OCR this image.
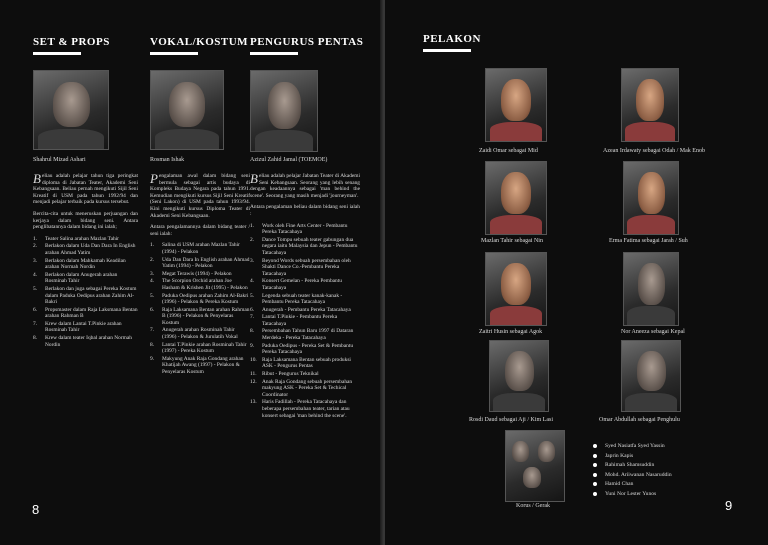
SET & PROPS	VOKAL/KOSTUM PENGURUS PENTAS
Shahrul Mizad Ashari	Rosman Ishak	Azizul Zahid Jamal (TOEMOE)

Beliau adalah pelajar tahun tiga peringkat diploma di Jabatan Teater, Akademi Seni Kebangsaan. Beliau pernah mengikuti Sijil Seni Kreatif di USM pada tahun 1992/94 dan menjadi pelajar terbaik pada kursus tersebut.

Bercita-cita untuk meneruskan perjuangan dan kerjaya dalam bidang seni. Antara penglibatannya dalam bidang ini ialah;

1. Teater Salina arahan Mazlan Tahir
2. Berlakon dalam Uda Dan Dara In English arahan Ahmad Yatim
3. Berlakon dalam Mahkamah Keadilan arahan Normah Nordin
4. Berlakon dalam Anugerah arahan Rosminah Tahir
5. Berlakon dan juga sebagai Pereka Kostum dalam Paduka Oedipus arahan Zahim Al-Bakri
6. Propsmaster dalam Raja Laksmana Bentan arahan Rahman B
7. Krew dalam Lantai T.Pinkie arahan Rosminah Tahir
8. Krew dalam teater Iqbal arahan Normah Nordin

Pengalaman awal dalam bidang seni bermula sebagai artis budaya di Kompleks Budaya Negara pada tahun 1991. Kemudian mengikuti kursus Sijil Seni Kreatif (Seni Lakon) di USM pada tahun 1993/94. Kini mengikuti kursus Diploma Teater di Akademi Seni Kebangsaan.

Antara pengalamannya dalam bidang teater / seni ialah:

1. Salina di USM arahan Mazlan Tahir (1994) - Pelakon
2. Uda Dan Dara In English arahan Ahmad Yatim (1994) - Pelakon
3. Megat Terawis (1994) - Pelakon
4. The Scorpion Orchid arahan Joe Hasham & Krishen Jit (1995) - Pelakon
5. Paduka Oedipus arahan Zahim Al-Bakri (1996) - Pelakon & Pereka Kostum
6. Raja Laksamana Bentan arahan Rahman B (1996) - Pelakon & Penyelaras Kostum
7. Anugerah arahan Rosminah Tahir (1996) - Pelakon & Jurulatih Vokal
8. Lantai T.Pinkie arahan Rosminah Tahir (1997) - Pereka Kostum
9. Makyung Anak Raja Gondang arahan Khatijah Awang (1997) - Pelakon & Penyelaras Kostum

Beliau adalah pelajar Jabatan Teater di Akademi Seni Kebangsaan. Seorang yang lebih senang dengan keadaannya sebagai 'man behind the scene'. Seorang yang masih menjadi 'journeyman'.

Antara pengalaman beliau dalam bidang seni ialah :

1. Work oleh Fine Arts Center - Pembantu Pereka Tatacahaya
2. Dance Tompu sebuah teater gabungan dua negara iaitu Malaysia dan Jepun - Pembantu Tatacahaya
3. Beyond Words sebuah persembahan oleh Shakti Dance Co.-Pembantu Pereka Tatacahaya
4. Konsert Gemelan - Pereka Pembantu Tatacahaya
5. Legenda sebuah teater kanak-kanak - Pembantu Pereka Tatacahaya
6. Anugerah - Pembantu Pereka Tatacahaya
7. Lantai T.Pinkie - Pembantu Pereka Tatacahaya
8. Persembahan Tahun Baru 1997 di Dataran Merdeka - Pereka Tatacahaya
9. Paduka Oedipus - Pereka Set & Pembantu Pereka Tatacahaya
10. Raja Laksamana Bentan sebuah produksi ASK - Pengurus Pentas
11. Ribut - Pengurus Teknikal
12. Anak Raja Gondang sebuah persembahan makyung ASK - Pereka Set & Techical Coordinator
13. Haris Fadillah - Pereka Tatacahaya dan beberapa persembahan teater, tarian atau konsert sebagai 'man behind the scene'.
8
PELAKON
Zaidi Omar sebagai Mid	Azean Irdawaty sebagai Odah / Mak Enob
Mazlan Tahir sebagai Nin	Erma Fatima sebagai Jarah / Suh
Zaitri Husin sebagai Agok	Nor Aneeza sebagai Kepal
Rosdi Daud sebagai Aji / Kim Lasi	Omar Abdullah sebagai Penghulu
Korus / Gerak
Syed Nasiatfa Syed Yassin
Japrin Kapis
Rahimah Shamsuddin
Mohd. Ariiwanan Nasaruddin
Hamid Chan
Yuni Nor Lester Yunos
9
